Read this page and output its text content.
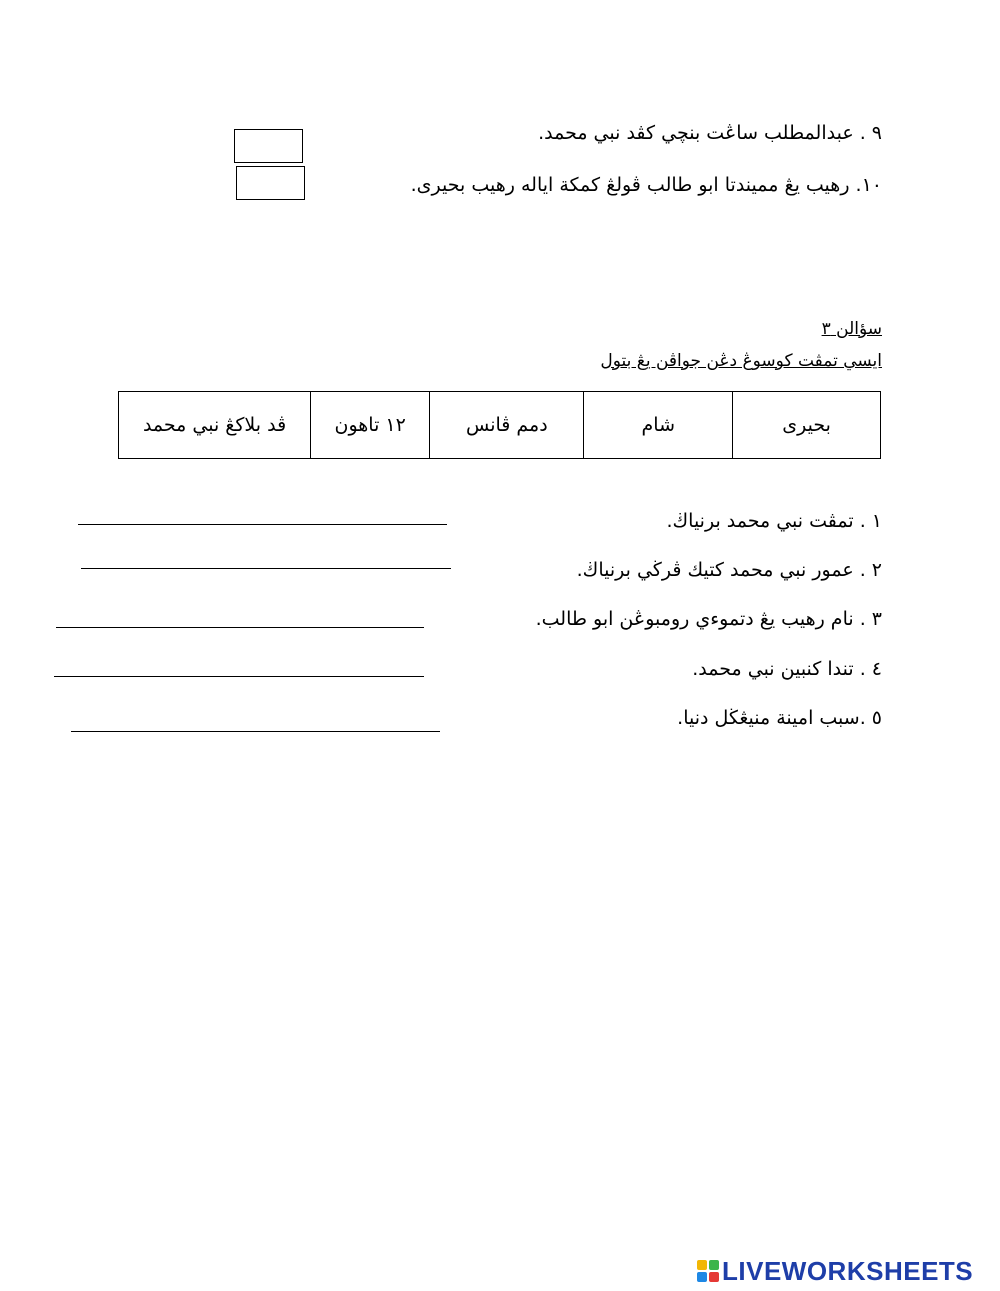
٩ . عبدالمطلب ساڠت بنچي كڤد نبي محمد.
١٠. رهيب يڠ مميندتا ابو طالب ڤولڠ كمكة اياله رهيب بحيرى.
سؤالن ٣
ايسي تمڤت كوسوڠ دڠن جواڤن يڠ بتول
بحيرى	شام	دمم ڤانس	١٢ تاهون	ڤد بلاكڠ نبي محمد
١ . تمڤت نبي محمد برنياڬ.
٢ . عمور نبي محمد كتيك ڤرڬي برنياڬ.
٣ . نام رهيب يڠ دتموءي رومبوڠن ابو طالب.
٤ . تندا كنبين نبي محمد.
٥ .سبب امينة منيڠڬل دنيا.
LIVEWORKSHEETS
